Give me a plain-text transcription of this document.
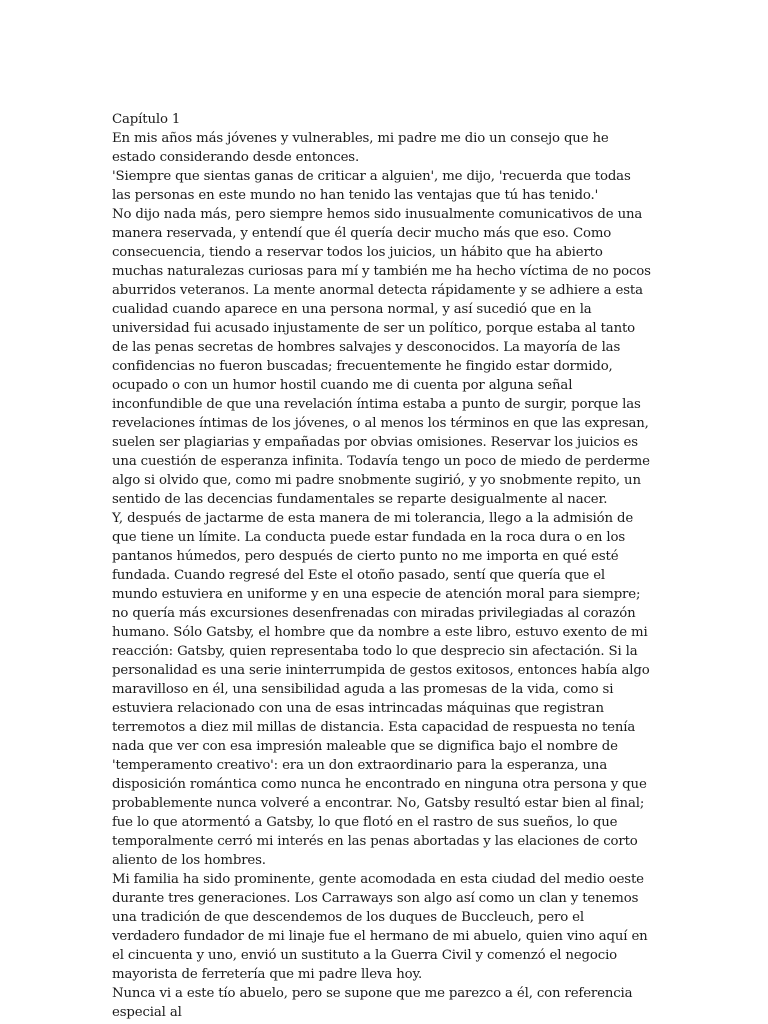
Capítulo 1

En mis años más jóvenes y vulnerables, mi padre me dio un consejo que he estado considerando desde entonces.

'Siempre que sientas ganas de criticar a alguien', me dijo, 'recuerda que todas las personas en este mundo no han tenido las ventajas que tú has tenido.'

No dijo nada más, pero siempre hemos sido inusualmente comunicativos de una manera reservada, y entendí que él quería decir mucho más que eso. Como consecuencia, tiendo a reservar todos los juicios, un hábito que ha abierto muchas naturalezas curiosas para mí y también me ha hecho víctima de no pocos aburridos veteranos. La mente anormal detecta rápidamente y se adhiere a esta cualidad cuando aparece en una persona normal, y así sucedió que en la universidad fui acusado injustamente de ser un político, porque estaba al tanto de las penas secretas de hombres salvajes y desconocidos. La mayoría de las confidencias no fueron buscadas; frecuentemente he fingido estar dormido, ocupado o con un humor hostil cuando me di cuenta por alguna señal inconfundible de que una revelación íntima estaba a punto de surgir, porque las revelaciones íntimas de los jóvenes, o al menos los términos en que las expresan, suelen ser plagiarias y empañadas por obvias omisiones. Reservar los juicios es una cuestión de esperanza infinita. Todavía tengo un poco de miedo de perderme algo si olvido que, como mi padre snobmente sugirió, y yo snobmente repito, un sentido de las decencias fundamentales se reparte desigualmente al nacer.

Y, después de jactarme de esta manera de mi tolerancia, llego a la admisión de que tiene un límite. La conducta puede estar fundada en la roca dura o en los pantanos húmedos, pero después de cierto punto no me importa en qué esté fundada. Cuando regresé del Este el otoño pasado, sentí que quería que el mundo estuviera en uniforme y en una especie de atención moral para siempre; no quería más excursiones desenfrenadas con miradas privilegiadas al corazón humano. Sólo Gatsby, el hombre que da nombre a este libro, estuvo exento de mi reacción: Gatsby, quien representaba todo lo que desprecio sin afectación. Si la personalidad es una serie ininterrumpida de gestos exitosos, entonces había algo maravilloso en él, una sensibilidad aguda a las promesas de la vida, como si estuviera relacionado con una de esas intrincadas máquinas que registran terremotos a diez mil millas de distancia. Esta capacidad de respuesta no tenía nada que ver con esa impresión maleable que se dignifica bajo el nombre de 'temperamento creativo': era un don extraordinario para la esperanza, una disposición romántica como nunca he encontrado en ninguna otra persona y que probablemente nunca volveré a encontrar. No, Gatsby resultó estar bien al final; fue lo que atormentó a Gatsby, lo que flotó en el rastro de sus sueños, lo que temporalmente cerró mi interés en las penas abortadas y las elaciones de corto aliento de los hombres.

Mi familia ha sido prominente, gente acomodada en esta ciudad del medio oeste durante tres generaciones. Los Carraways son algo así como un clan y tenemos una tradición de que descendemos de los duques de Buccleuch, pero el verdadero fundador de mi linaje fue el hermano de mi abuelo, quien vino aquí en el cincuenta y uno, envió un sustituto a la Guerra Civil y comenzó el negocio mayorista de ferretería que mi padre lleva hoy.

Nunca vi a este tío abuelo, pero se supone que me parezco a él, con referencia especial al
